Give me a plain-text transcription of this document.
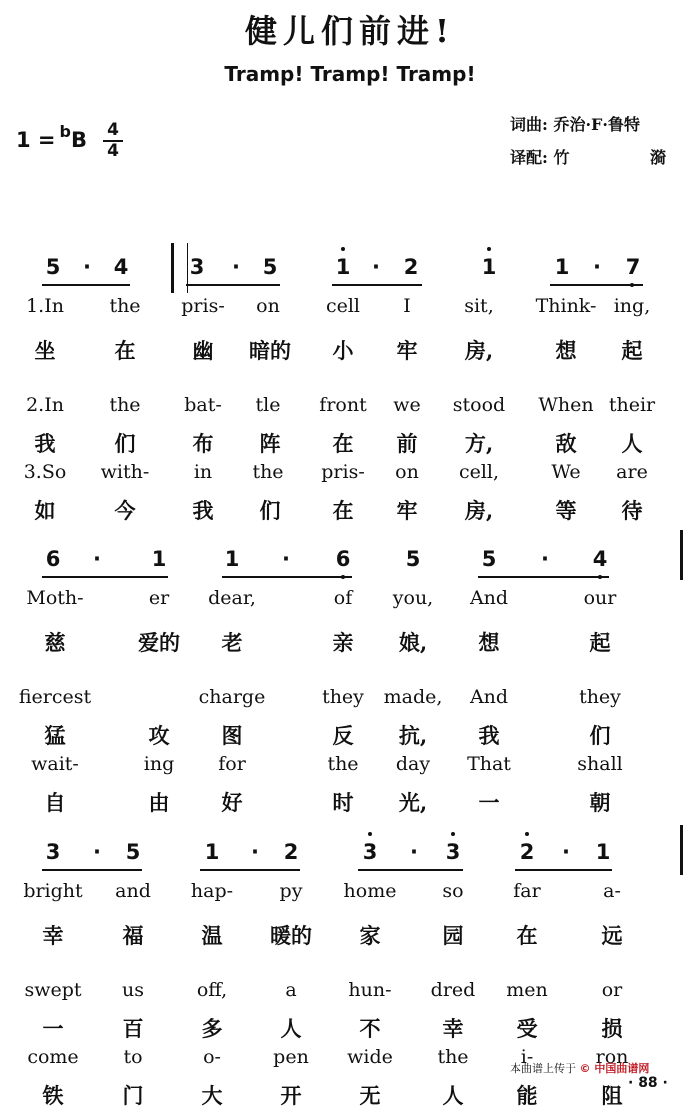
健儿们前进!
Tramp! Tramp! Tramp!
1 = $^b$B 4
4
词曲: 乔治·F·鲁特
译配: 竹	漪
5	·	4	3	·	5	1	·	2	1	1	·	7
1.In	the	pris-	on	cell	I	sit,	Think- ing,
坐	在	幽	暗的	小	牢	房,	想	起
2.In	the	bat-	tle	front	we	stood	When their
我	们	布	阵	在	前	方,	敌	人
3.So	with-	in	the	pris-	on	cell,	We	are
如	今	我	们	在	牢	房,	等	待
6	·	1	1	·	6	5	5	·	4
Moth-	er	dear,	of	you,	And	our
慈	爱的	老	亲	娘,	想	起
fiercest	charge	they	made,	And	they
猛	攻	图	反	抗,	我	们
wait-	ing	for	the	day	That	shall
自	由	好	时	光,	一	朝
3	·	5	1	·	2	3	·	3	2	·	1
bright	and	hap-	py	home	so	far	a-
幸	福	温	暖的	家	园	在	远
swept	us	off,	a	hun-	dred	men	or
一	百	多	人	不	幸	受	损
come	to	o-	pen	wide	the	i-	ron
铁	门	大	开	无	人	能	阻
本曲谱上传于 © 中国曲谱网
· 88 ·
